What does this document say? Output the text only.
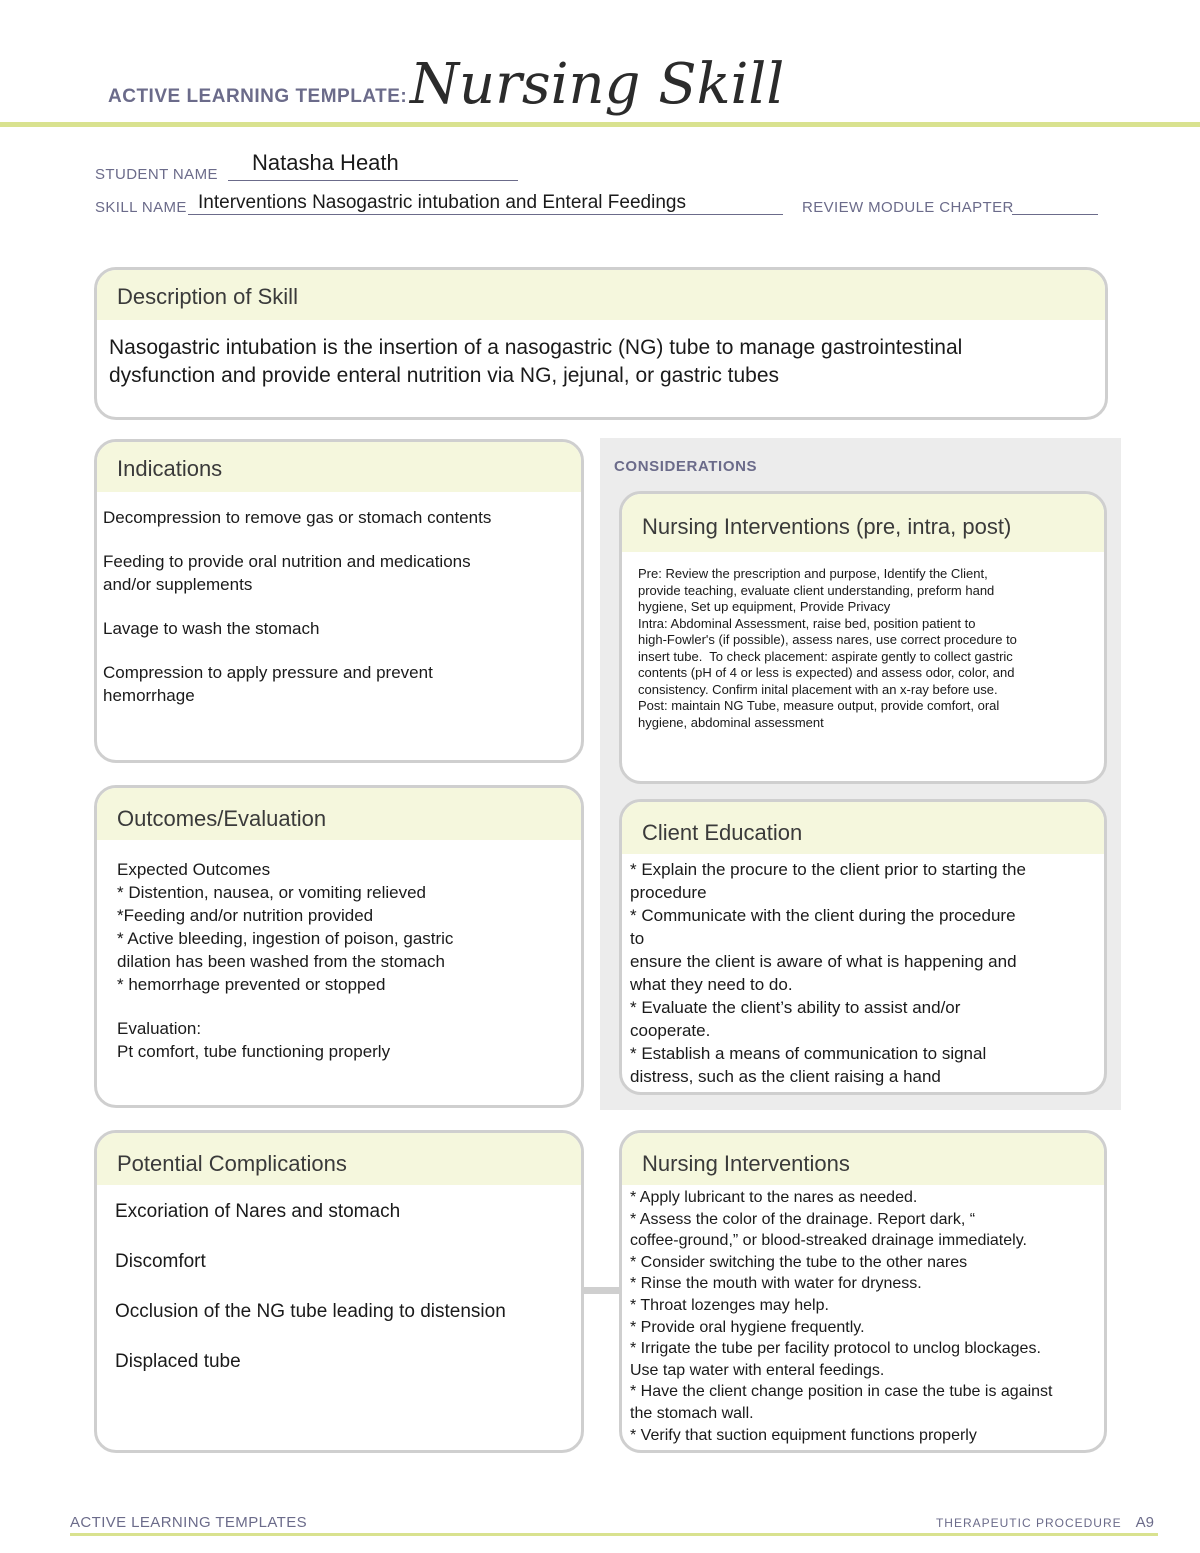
ACTIVE LEARNING TEMPLATE: Nursing Skill
STUDENT NAME Natasha Heath
SKILL NAME Interventions Nasogastric intubation and Enteral Feedings	REVIEW MODULE CHAPTER
Description of Skill
Nasogastric intubation is the insertion of a nasogastric (NG) tube to manage gastrointestinal
dysfunction and provide enteral nutrition via NG, jejunal, or gastric tubes
CONSIDERATIONS
Indications
Decompression to remove gas or stomach contents
Feeding to provide oral nutrition and medications
and/or supplements
Lavage to wash the stomach
Compression to apply pressure and prevent
hemorrhage
Nursing Interventions (pre, intra, post)
Pre: Review the prescription and purpose, Identify the Client,
provide teaching, evaluate client understanding, preform hand
hygiene, Set up equipment, Provide Privacy
Intra: Abdominal Assessment, raise bed, position patient to
high-Fowler's (if possible), assess nares, use correct procedure to
insert tube.  To check placement: aspirate gently to collect gastric
contents (pH of 4 or less is expected) and assess odor, color, and
consistency. Confirm inital placement with an x-ray before use.
Post: maintain NG Tube, measure output, provide comfort, oral
hygiene, abdominal assessment
Outcomes/Evaluation
Expected Outcomes
* Distention, nausea, or vomiting relieved
*Feeding and/or nutrition provided
* Active bleeding, ingestion of poison, gastric
dilation has been washed from the stomach
* hemorrhage prevented or stopped
Evaluation:
Pt comfort, tube functioning properly
Client Education
* Explain the procure to the client prior to starting the
procedure
* Communicate with the client during the procedure
to
ensure the client is aware of what is happening and
what they need to do.
* Evaluate the client’s ability to assist and/or
cooperate.
* Establish a means of communication to signal
distress, such as the client raising a hand
Potential Complications
Excoriation of Nares and stomach
Discomfort
Occlusion of the NG tube leading to distension
Displaced tube
Nursing Interventions
* Apply lubricant to the nares as needed.
* Assess the color of the drainage. Report dark, “
coffee-ground,” or blood-streaked drainage immediately.
* Consider switching the tube to the other nares
* Rinse the mouth with water for dryness.
* Throat lozenges may help.
* Provide oral hygiene frequently.
* Irrigate the tube per facility protocol to unclog blockages.
Use tap water with enteral feedings.
* Have the client change position in case the tube is against
the stomach wall.
* Verify that suction equipment functions properly
ACTIVE LEARNING TEMPLATES	THERAPEUTIC PROCEDURE A9
